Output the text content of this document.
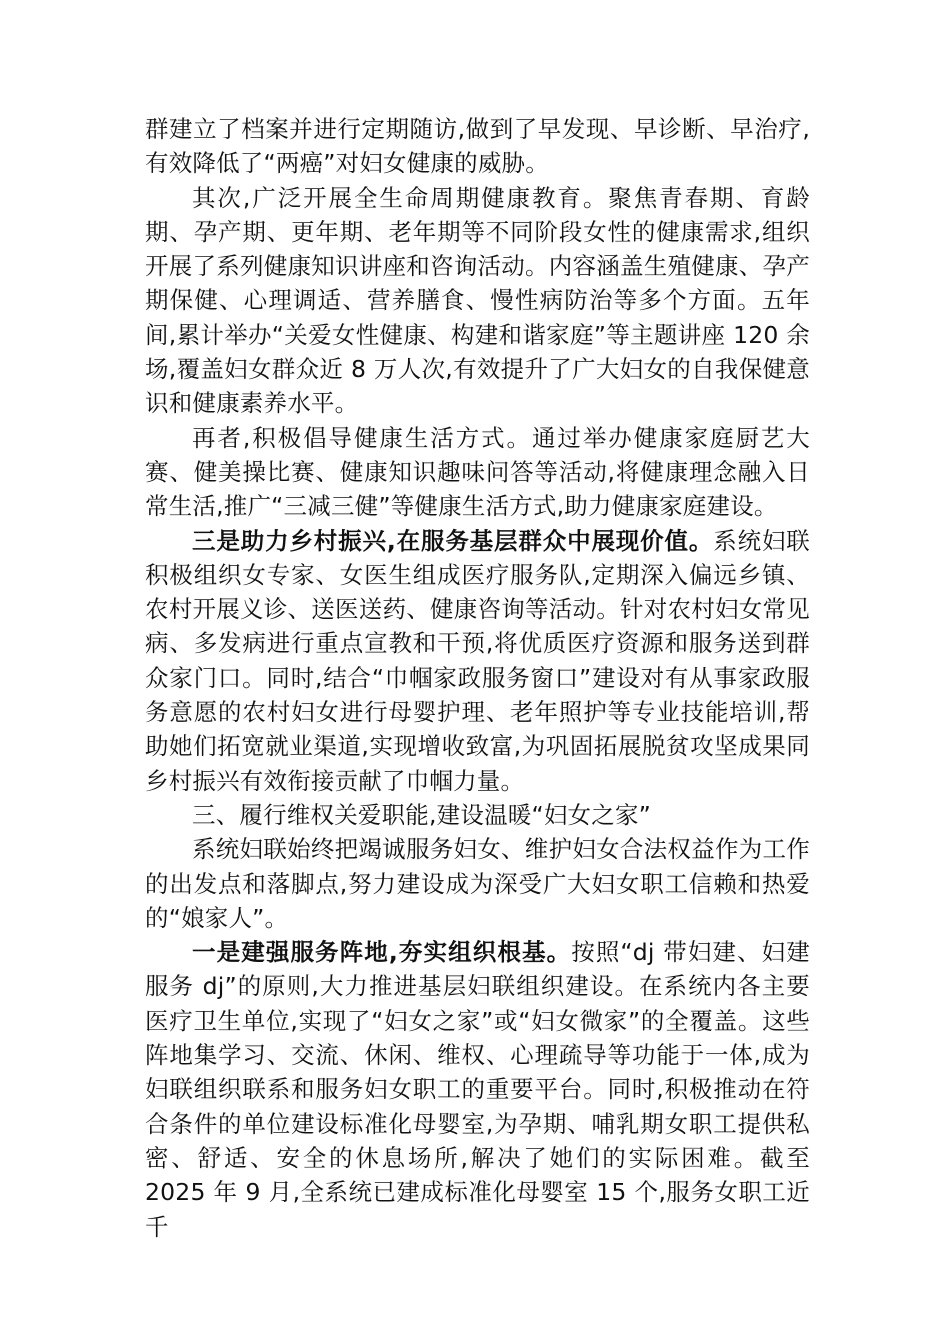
群建立了档案并进行定期随访,做到了早发现、早诊断、早治疗,有效降低了“两癌”对妇女健康的威胁。

其次,广泛开展全生命周期健康教育。聚焦青春期、育龄期、孕产期、更年期、老年期等不同阶段女性的健康需求,组织开展了系列健康知识讲座和咨询活动。内容涵盖生殖健康、孕产期保健、心理调适、营养膳食、慢性病防治等多个方面。五年间,累计举办“关爱女性健康、构建和谐家庭”等主题讲座 120 余场,覆盖妇女群众近 8 万人次,有效提升了广大妇女的自我保健意识和健康素养水平。

再者,积极倡导健康生活方式。通过举办健康家庭厨艺大赛、健美操比赛、健康知识趣味问答等活动,将健康理念融入日常生活,推广“三减三健”等健康生活方式,助力健康家庭建设。

三是助力乡村振兴,在服务基层群众中展现价值。系统妇联积极组织女专家、女医生组成医疗服务队,定期深入偏远乡镇、农村开展义诊、送医送药、健康咨询等活动。针对农村妇女常见病、多发病进行重点宣教和干预,将优质医疗资源和服务送到群众家门口。同时,结合“巾帼家政服务窗口”建设对有从事家政服务意愿的农村妇女进行母婴护理、老年照护等专业技能培训,帮助她们拓宽就业渠道,实现增收致富,为巩固拓展脱贫攻坚成果同乡村振兴有效衔接贡献了巾帼力量。

三、履行维权关爱职能,建设温暖“妇女之家”

系统妇联始终把竭诚服务妇女、维护妇女合法权益作为工作的出发点和落脚点,努力建设成为深受广大妇女职工信赖和热爱的“娘家人”。

一是建强服务阵地,夯实组织根基。按照“dj 带妇建、妇建服务 dj”的原则,大力推进基层妇联组织建设。在系统内各主要医疗卫生单位,实现了“妇女之家”或“妇女微家”的全覆盖。这些阵地集学习、交流、休闲、维权、心理疏导等功能于一体,成为妇联组织联系和服务妇女职工的重要平台。同时,积极推动在符合条件的单位建设标准化母婴室,为孕期、哺乳期女职工提供私密、舒适、安全的休息场所,解决了她们的实际困难。截至 2025 年 9 月,全系统已建成标准化母婴室 15 个,服务女职工近千
